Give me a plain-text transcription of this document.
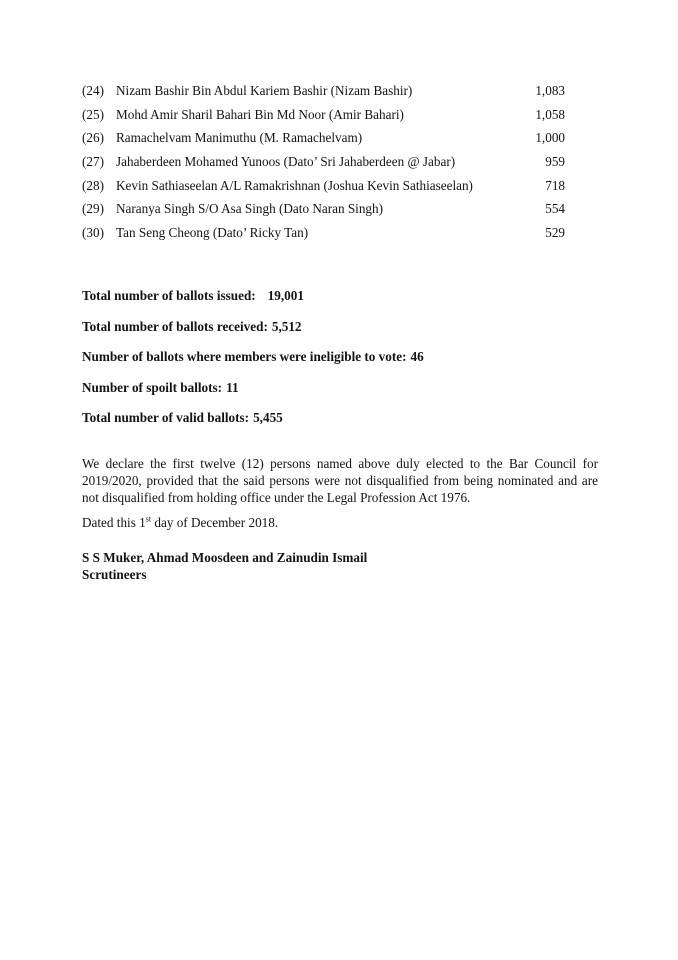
(24) Nizam Bashir Bin Abdul Kariem Bashir (Nizam Bashir)	1,083
(25) Mohd Amir Sharil Bahari Bin Md Noor (Amir Bahari)	1,058
(26) Ramachelvam Manimuthu (M. Ramachelvam)	1,000
(27) Jahaberdeen Mohamed Yunoos (Dato’ Sri Jahaberdeen @ Jabar)	959
(28) Kevin Sathiaseelan A/L Ramakrishnan (Joshua Kevin Sathiaseelan)	718
(29) Naranya Singh S/O Asa Singh (Dato Naran Singh)	554
(30) Tan Seng Cheong (Dato’ Ricky Tan)	529
Total number of ballots issued: 19,001
Total number of ballots received: 5,512
Number of ballots where members were ineligible to vote: 46
Number of spoilt ballots: 11
Total number of valid ballots: 5,455

We declare the first twelve (12) persons named above duly elected to the Bar Council for 2019/2020, provided that the said persons were not disqualified from being nominated and are not disqualified from holding office under the Legal Profession Act 1976.

Dated this 1st day of December 2018.
S S Muker, Ahmad Moosdeen and Zainudin Ismail
Scrutineers
